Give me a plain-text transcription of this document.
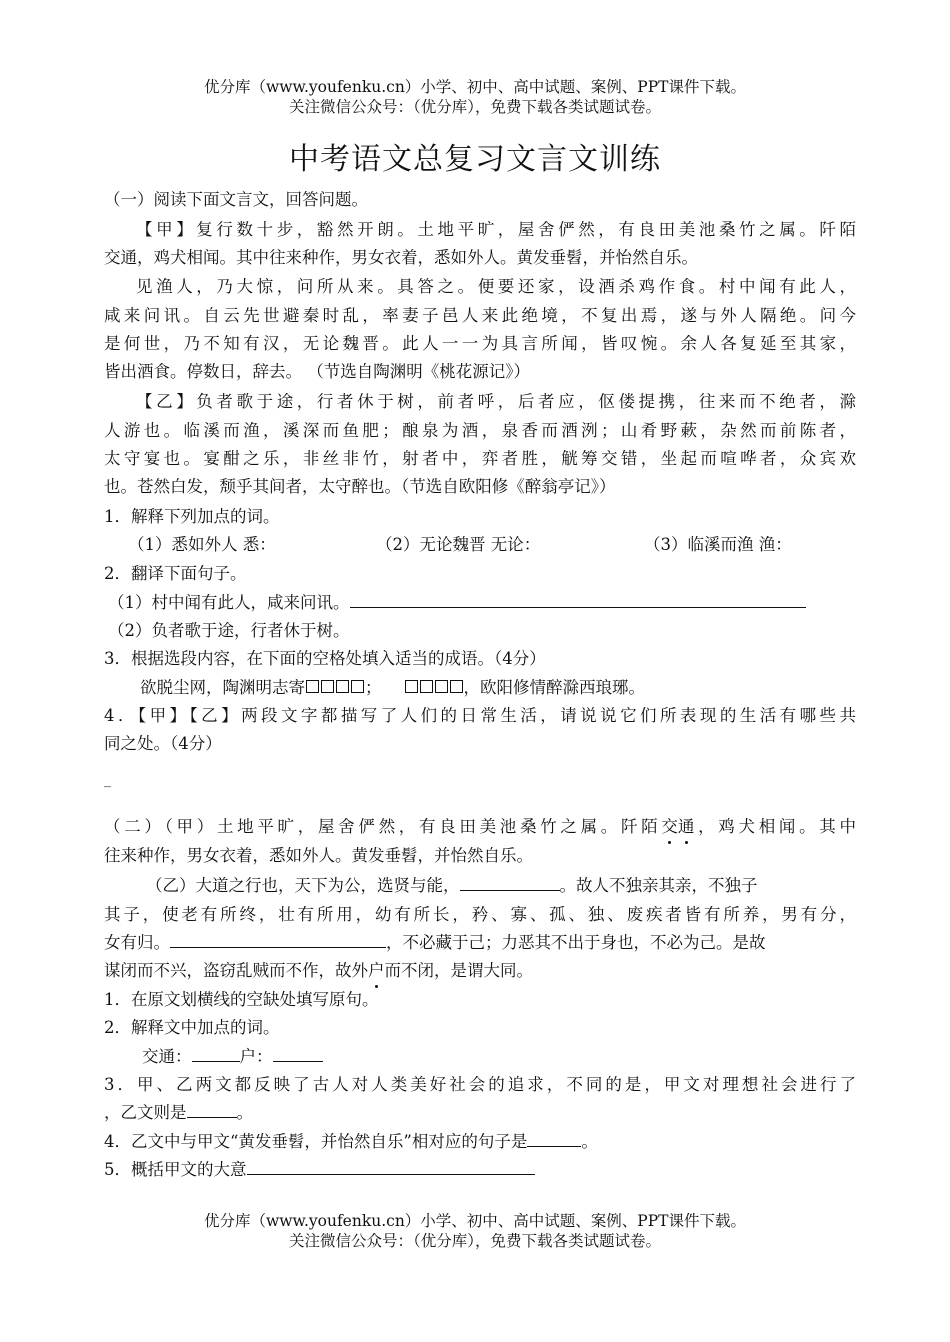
优分库（www.youfenku.cn）小学、初中、高中试题、案例、PPT课件下载。
关注微信公众号：（优分库），免费下载各类试题试卷。
中考语文总复习文言文训练
（一）阅读下面文言文，回答问题。
【甲】复行数十步，豁然开朗。土地平旷，屋舍俨然，有良田美池桑竹之属。阡陌
交通，鸡犬相闻。其中往来种作，男女衣着，悉如外人。黄发垂髫，并怡然自乐。
见渔人，乃大惊，问所从来。具答之。便要还家，设酒杀鸡作食。村中闻有此人，
咸来问讯。自云先世避秦时乱，率妻子邑人来此绝境，不复出焉，遂与外人隔绝。问今
是何世，乃不知有汉，无论魏晋。此人一一为具言所闻，皆叹惋。余人各复延至其家，
皆出酒食。停数日，辞去。 （节选自陶渊明《桃花源记》）
【乙】负者歌于途，行者休于树，前者呼，后者应，伛偻提携，往来而不绝者，滁
人游也。临溪而渔，溪深而鱼肥；酿泉为酒，泉香而酒洌；山肴野蔌，杂然而前陈者，
太守宴也。宴酣之乐，非丝非竹，射者中，弈者胜，觥筹交错，坐起而喧哗者，众宾欢
也。苍然白发，颓乎其间者，太守醉也。（节选自欧阳修《醉翁亭记》）
1．解释下列加点的词。
（1）悉如外人 悉：	（2）无论魏晋 无论：	（3）临溪而渔 渔：
2．翻译下面句子。
（1）村中闻有此人，咸来问讯。
（2）负者歌于途，行者休于树。
3．根据选段内容，在下面的空格处填入适当的成语。（4分）
欲脱尘网，陶渊明志寄	；	，欧阳修情醉滁西琅琊。
4．【甲】【乙】两段文字都描写了人们的日常生活，请说说它们所表现的生活有哪些共
同之处。（4分）
_
（二）（甲）土地平旷，屋舍俨然，有良田美池桑竹之属。阡陌交通，鸡犬相闻。其中
往来种作，男女衣着，悉如外人。黄发垂髫，并怡然自乐。
（乙）大道之行也，天下为公，选贤与能，	。故人不独亲其亲，不独子
其子，使老有所终，壮有所用，幼有所长，矜、寡、孤、独、废疾者皆有所养，男有分，
女有归。	，不必藏于己；力恶其不出于身也，不必为己。是故
谋闭而不兴，盗窃乱贼而不作，故外户而不闭，是谓大同。
1．在原文划横线的空缺处填写原句。
2．解释文中加点的词。
交通：	户：
3．甲、乙两文都反映了古人对人类美好社会的追求，不同的是，甲文对理想社会进行了
，乙文则是	。
4．乙文中与甲文“黄发垂髫，并怡然自乐”相对应的句子是	。
5．概括甲文的大意
优分库（www.youfenku.cn）小学、初中、高中试题、案例、PPT课件下载。
关注微信公众号：（优分库），免费下载各类试题试卷。
